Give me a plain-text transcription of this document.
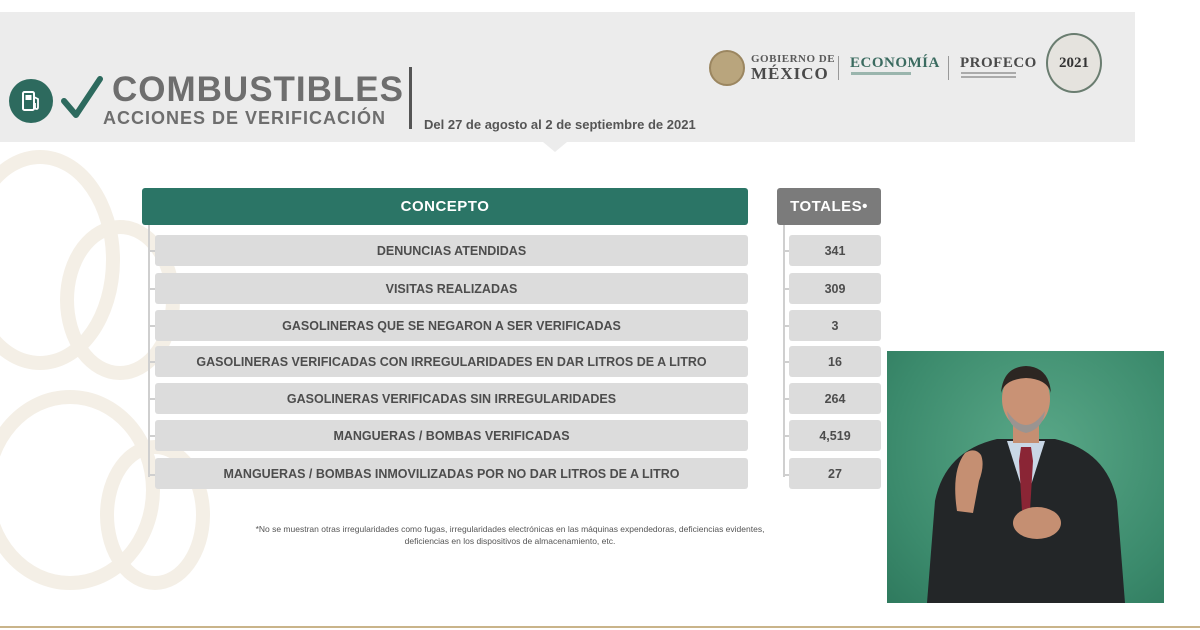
COMBUSTIBLES
ACCIONES DE VERIFICACIÓN	Del 27 de agosto al 2 de septiembre de 2021
GOBIERNO DE
MÉXICO
ECONOMÍA PROFECO	2021
CONCEPTO	TOTALES•
DENUNCIAS ATENDIDAS	341
VISITAS REALIZADAS	309
GASOLINERAS QUE SE NEGARON A SER VERIFICADAS	3
GASOLINERAS VERIFICADAS CON IRREGULARIDADES EN DAR LITROS DE A LITRO	16
GASOLINERAS VERIFICADAS SIN IRREGULARIDADES	264
MANGUERAS / BOMBAS VERIFICADAS	4,519
MANGUERAS / BOMBAS INMOVILIZADAS POR NO DAR LITROS DE A LITRO	27
*No se muestran otras irregularidades como fugas, irregularidades electrónicas en las máquinas expendedoras, deficiencias evidentes,
deficiencias en los dispositivos de almacenamiento, etc.
